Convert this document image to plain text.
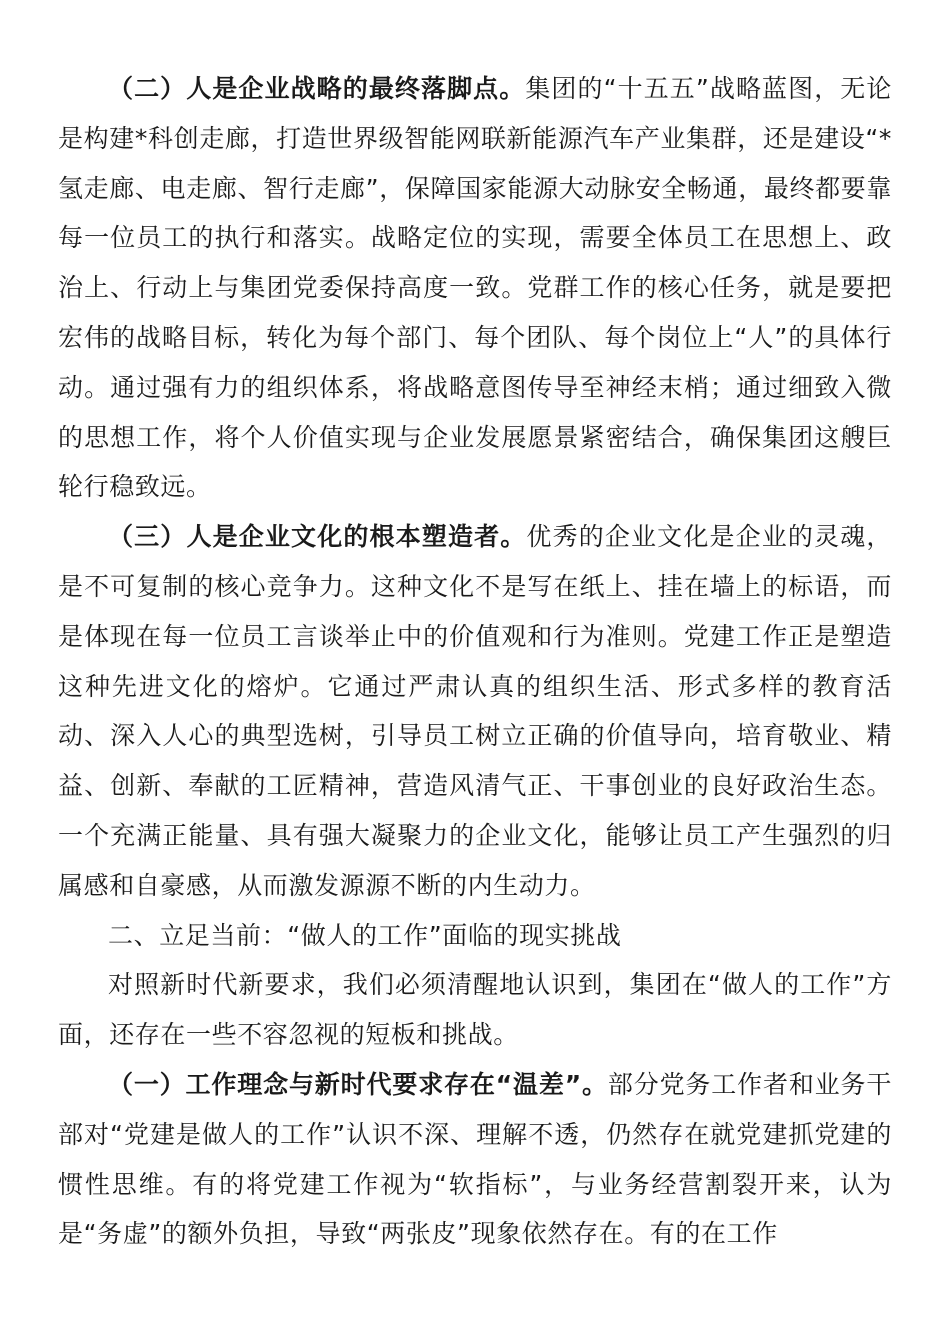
（二）人是企业战略的最终落脚点。集团的“十五五”战略蓝图，无论是构建*科创走廊，打造世界级智能网联新能源汽车产业集群，还是建设“*氢走廊、电走廊、智行走廊”，保障国家能源大动脉安全畅通，最终都要靠每一位员工的执行和落实。战略定位的实现，需要全体员工在思想上、政治上、行动上与集团党委保持高度一致。党群工作的核心任务，就是要把宏伟的战略目标，转化为每个部门、每个团队、每个岗位上“人”的具体行动。通过强有力的组织体系，将战略意图传导至神经末梢；通过细致入微的思想工作，将个人价值实现与企业发展愿景紧密结合，确保集团这艘巨轮行稳致远。

（三）人是企业文化的根本塑造者。优秀的企业文化是企业的灵魂，是不可复制的核心竞争力。这种文化不是写在纸上、挂在墙上的标语，而是体现在每一位员工言谈举止中的价值观和行为准则。党建工作正是塑造这种先进文化的熔炉。它通过严肃认真的组织生活、形式多样的教育活动、深入人心的典型选树，引导员工树立正确的价值导向，培育敬业、精益、创新、奉献的工匠精神，营造风清气正、干事创业的良好政治生态。一个充满正能量、具有强大凝聚力的企业文化，能够让员工产生强烈的归属感和自豪感，从而激发源源不断的内生动力。

二、立足当前：“做人的工作”面临的现实挑战

对照新时代新要求，我们必须清醒地认识到，集团在“做人的工作”方面，还存在一些不容忽视的短板和挑战。

（一）工作理念与新时代要求存在“温差”。部分党务工作者和业务干部对“党建是做人的工作”认识不深、理解不透，仍然存在就党建抓党建的惯性思维。有的将党建工作视为“软指标”，与业务经营割裂开来，认为是“务虚”的额外负担，导致“两张皮”现象依然存在。有的在工作
